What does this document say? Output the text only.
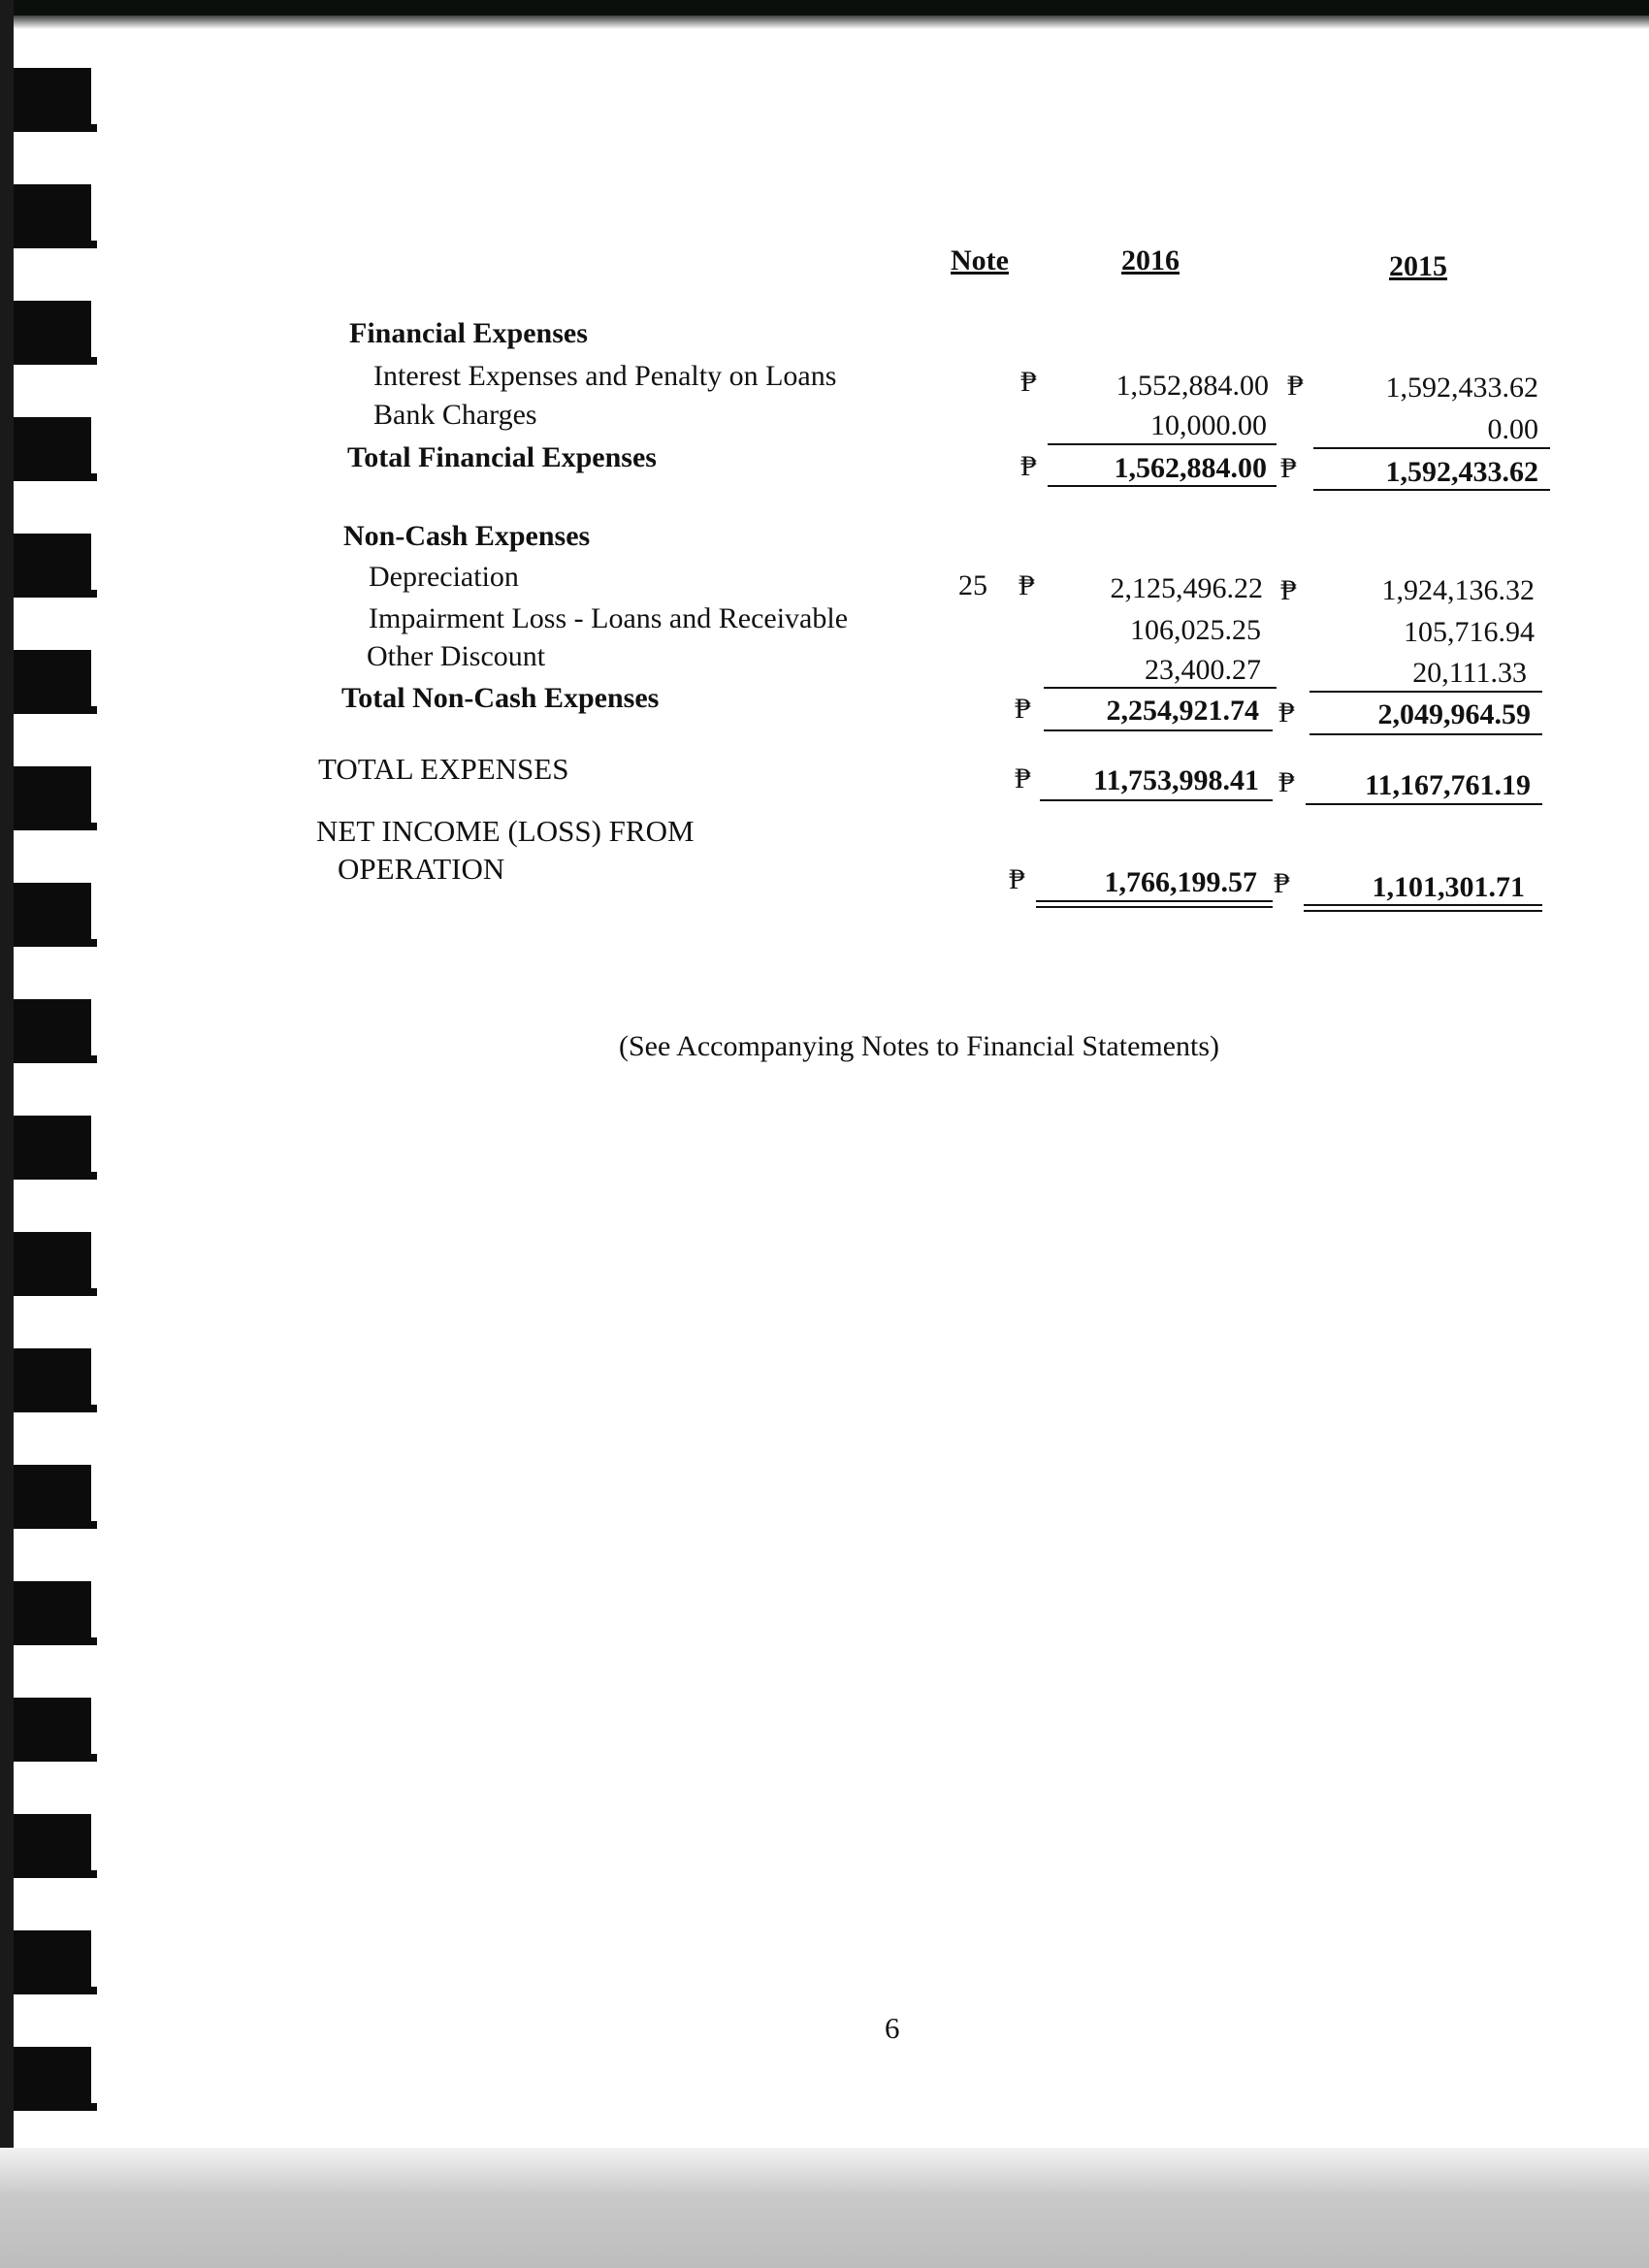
Note	2016	2015
Financial Expenses
Interest Expenses and Penalty on Loans	₱	1,552,884.00 ₱	1,592,433.62
Bank Charges	10,000.00	0.00
Total Financial Expenses	₱	1,562,884.00 ₱	1,592,433.62
Non-Cash Expenses
Depreciation	25 ₱	2,125,496.22 ₱	1,924,136.32
Impairment Loss - Loans and Receivable	106,025.25	105,716.94
Other Discount	23,400.27	20,111.33
Total Non-Cash Expenses	₱	2,254,921.74 ₱	2,049,964.59
TOTAL EXPENSES	₱	11,753,998.41 ₱	11,167,761.19
NET INCOME (LOSS) FROM
OPERATION	₱	1,766,199.57 ₱	1,101,301.71
(See Accompanying Notes to Financial Statements)
6
